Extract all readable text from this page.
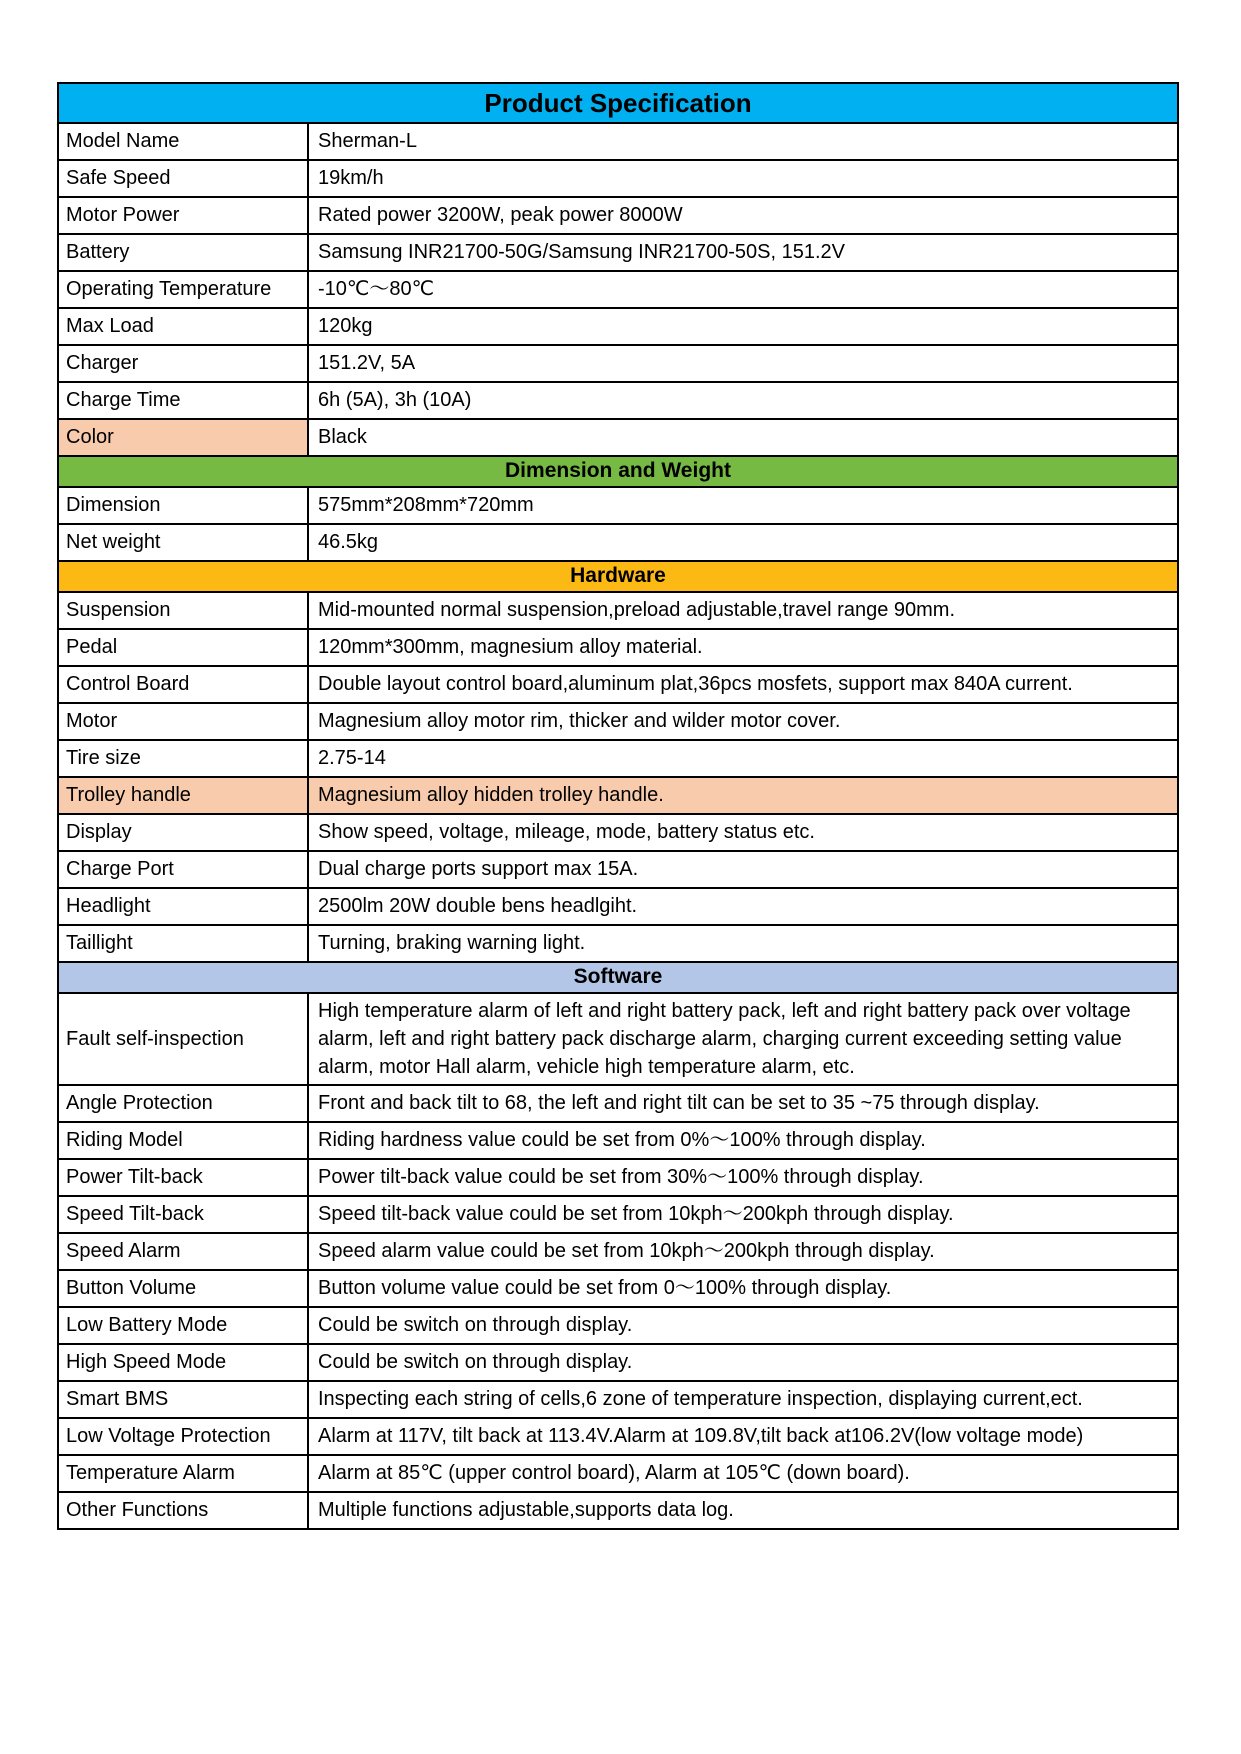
Product Specification	
Model Name	Sherman-L
Safe Speed	19km/h
Motor Power	Rated power 3200W, peak power 8000W
Battery	Samsung INR21700-50G/Samsung INR21700-50S, 151.2V
Operating Temperature	-10℃～80℃
Max Load	120kg
Charger	151.2V, 5A
Charge Time	6h (5A), 3h (10A)
Color	Black
Dimension and Weight	
Dimension	575mm*208mm*720mm
Net weight	46.5kg
Hardware	
Suspension	Mid-mounted normal suspension,preload adjustable,travel range 90mm.
Pedal	120mm*300mm, magnesium alloy material.
Control Board	Double layout control board,aluminum plat,36pcs mosfets, support max 840A current.
Motor	Magnesium alloy motor rim, thicker and wilder motor cover.
Tire size	2.75-14
Trolley handle	Magnesium alloy hidden trolley handle.
Display	Show speed, voltage, mileage, mode, battery status etc.
Charge Port	Dual charge ports support max 15A.
Headlight	2500lm 20W double bens headlgiht.
Taillight	Turning, braking warning light.
Software	
Fault self-inspection	High temperature alarm of left and right battery pack, left and right battery pack over voltage alarm, left and right battery pack discharge alarm, charging current exceeding setting value alarm, motor Hall alarm, vehicle high temperature alarm, etc.
Angle Protection	Front and back tilt to 68, the left and right tilt can be set to 35 ~75 through display.
Riding Model	Riding hardness value could be set from 0%～100% through display.
Power Tilt-back	Power tilt-back value could be set from 30%～100% through display.
Speed Tilt-back	Speed tilt-back value could be set from 10kph～200kph through display.
Speed Alarm	Speed alarm value could be set from 10kph～200kph through display.
Button Volume	Button volume value could be set from 0～100% through display.
Low Battery Mode	Could be switch on through display.
High Speed Mode	Could be switch on through display.
Smart BMS	Inspecting each string of cells,6 zone of temperature inspection, displaying current,ect.
Low Voltage Protection	Alarm at 117V, tilt back at 113.4V.Alarm at 109.8V,tilt back at106.2V(low voltage mode)
Temperature Alarm	Alarm at 85℃ (upper control board), Alarm at 105℃ (down board).
Other Functions	Multiple functions adjustable,supports data log.
